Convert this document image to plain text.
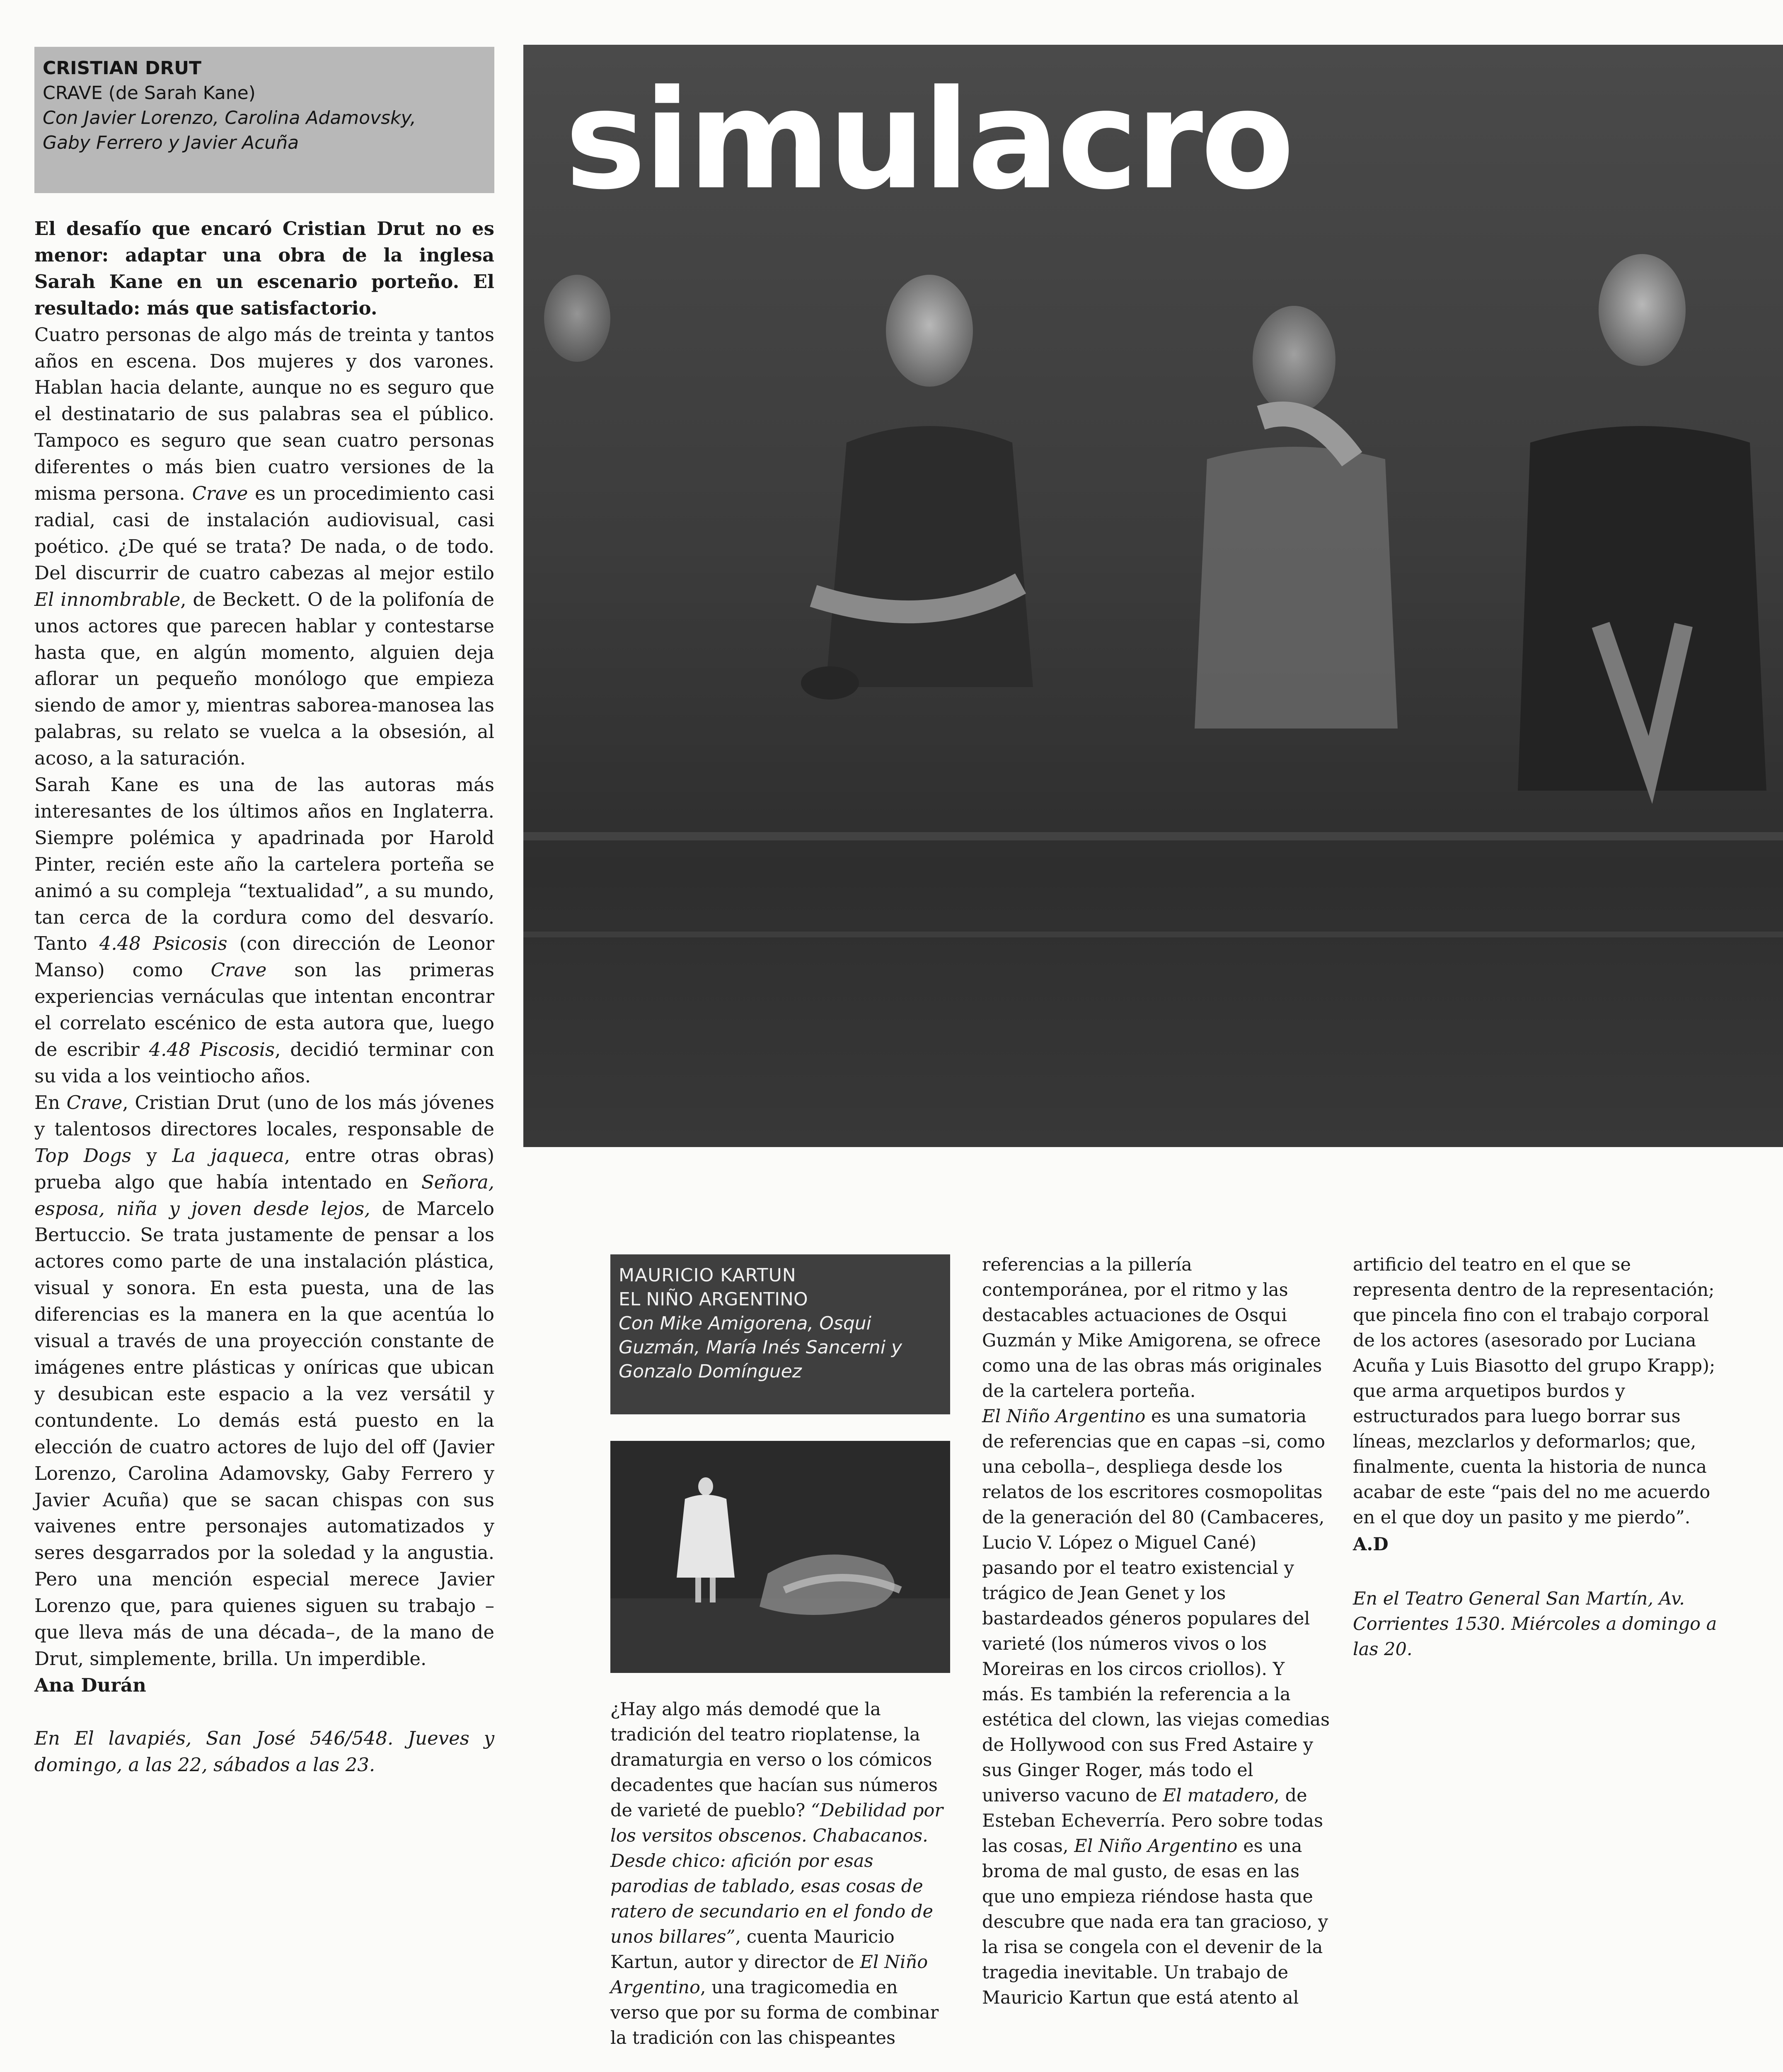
CRISTIAN DRUT
CRAVE (de Sarah Kane)
Con Javier Lorenzo, Carolina Adamovsky,
Gaby Ferrero y Javier Acuña

El desafío que encaró Cristian Drut no es menor: adaptar una obra de la inglesa Sarah Kane en un escenario porteño. El resultado: más que satisfactorio.

Cuatro personas de algo más de treinta y tantos años en escena. Dos mujeres y dos varones. Hablan hacia delante, aunque no es seguro que el destinatario de sus palabras sea el público. Tampoco es seguro que sean cuatro personas diferentes o más bien cuatro versiones de la misma persona. Crave es un procedimiento casi radial, casi de instalación audiovisual, casi poético. ¿De qué se trata? De nada, o de todo. Del discurrir de cuatro cabezas al mejor estilo El innombrable, de Beckett. O de la polifonía de unos actores que parecen hablar y contestarse hasta que, en algún momento, alguien deja aflorar un pequeño monólogo que empieza siendo de amor y, mientras saborea-manosea las palabras, su relato se vuelca a la obsesión, al acoso, a la saturación.

Sarah Kane es una de las autoras más interesantes de los últimos años en Inglaterra. Siempre polémica y apadrinada por Harold Pinter, recién este año la cartelera porteña se animó a su compleja “textualidad”, a su mundo, tan cerca de la cordura como del desvarío. Tanto 4.48 Psicosis (con dirección de Leonor Manso) como Crave son las primeras experiencias vernáculas que intentan encontrar el correlato escénico de esta autora que, luego de escribir 4.48 Piscosis, decidió terminar con su vida a los veintiocho años.

En Crave, Cristian Drut (uno de los más jóvenes y talentosos directores locales, responsable de Top Dogs y La jaqueca, entre otras obras) prueba algo que había intentado en Señora, esposa, niña y joven desde lejos, de Marcelo Bertuccio. Se trata justamente de pensar a los actores como parte de una instalación plástica, visual y sonora. En esta puesta, una de las diferencias es la manera en la que acentúa lo visual a través de una proyección constante de imágenes entre plásticas y oníricas que ubican y desubican este espacio a la vez versátil y contundente. Lo demás está puesto en la elección de cuatro actores de lujo del off (Javier Lorenzo, Carolina Adamovsky, Gaby Ferrero y Javier Acuña) que se sacan chispas con sus vaivenes entre personajes automatizados y seres desgarrados por la soledad y la angustia. Pero una mención especial merece Javier Lorenzo que, para quienes siguen su trabajo –que lleva más de una década–, de la mano de Drut, simplemente, brilla. Un imperdible.

Ana Durán

En El lavapiés, San José 546/548. Jueves y domingo, a las 22, sábados a las 23.

simulacro
MAURICIO KARTUN
EL NIÑO ARGENTINO
Con Mike Amigorena, Osqui
Guzmán, María Inés Sancerni y
Gonzalo Domínguez

¿Hay algo más demodé que la tradición del teatro rioplatense, la dramaturgia en verso o los cómicos decadentes que hacían sus números de varieté de pueblo? “Debilidad por los versitos obscenos. Chabacanos. Desde chico: afición por esas parodias de tablado, esas cosas de ratero de secundario en el fondo de unos billares”, cuenta Mauricio Kartun, autor y director de El Niño Argentino, una tragicomedia en verso que por su forma de combinar la tradición con las chispeantes

referencias a la pillería contemporánea, por el ritmo y las destacables actuaciones de Osqui Guzmán y Mike Amigorena, se ofrece como una de las obras más originales de la cartelera porteña.

El Niño Argentino es una sumatoria de referencias que en capas –si, como una cebolla–, despliega desde los relatos de los escritores cosmopolitas de la generación del 80 (Cambaceres, Lucio V. López o Miguel Cané) pasando por el teatro existencial y trágico de Jean Genet y los bastardeados géneros populares del varieté (los números vivos o los Moreiras en los circos criollos). Y más. Es también la referencia a la estética del clown, las viejas comedias de Hollywood con sus Fred Astaire y sus Ginger Roger, más todo el universo vacuno de El matadero, de Esteban Echeverría. Pero sobre todas las cosas, El Niño Argentino es una broma de mal gusto, de esas en las que uno empieza riéndose hasta que descubre que nada era tan gracioso, y la risa se congela con el devenir de la tragedia inevitable. Un trabajo de Mauricio Kartun que está atento al

artificio del teatro en el que se representa dentro de la representación; que pincela fino con el trabajo corporal de los actores (asesorado por Luciana Acuña y Luis Biasotto del grupo Krapp); que arma arquetipos burdos y estructurados para luego borrar sus líneas, mezclarlos y deformarlos; que, finalmente, cuenta la historia de nunca acabar de este “pais del no me acuerdo en el que doy un pasito y me pierdo”.

A.D

En el Teatro General San Martín, Av. Corrientes 1530. Miércoles a domingo a las 20.
